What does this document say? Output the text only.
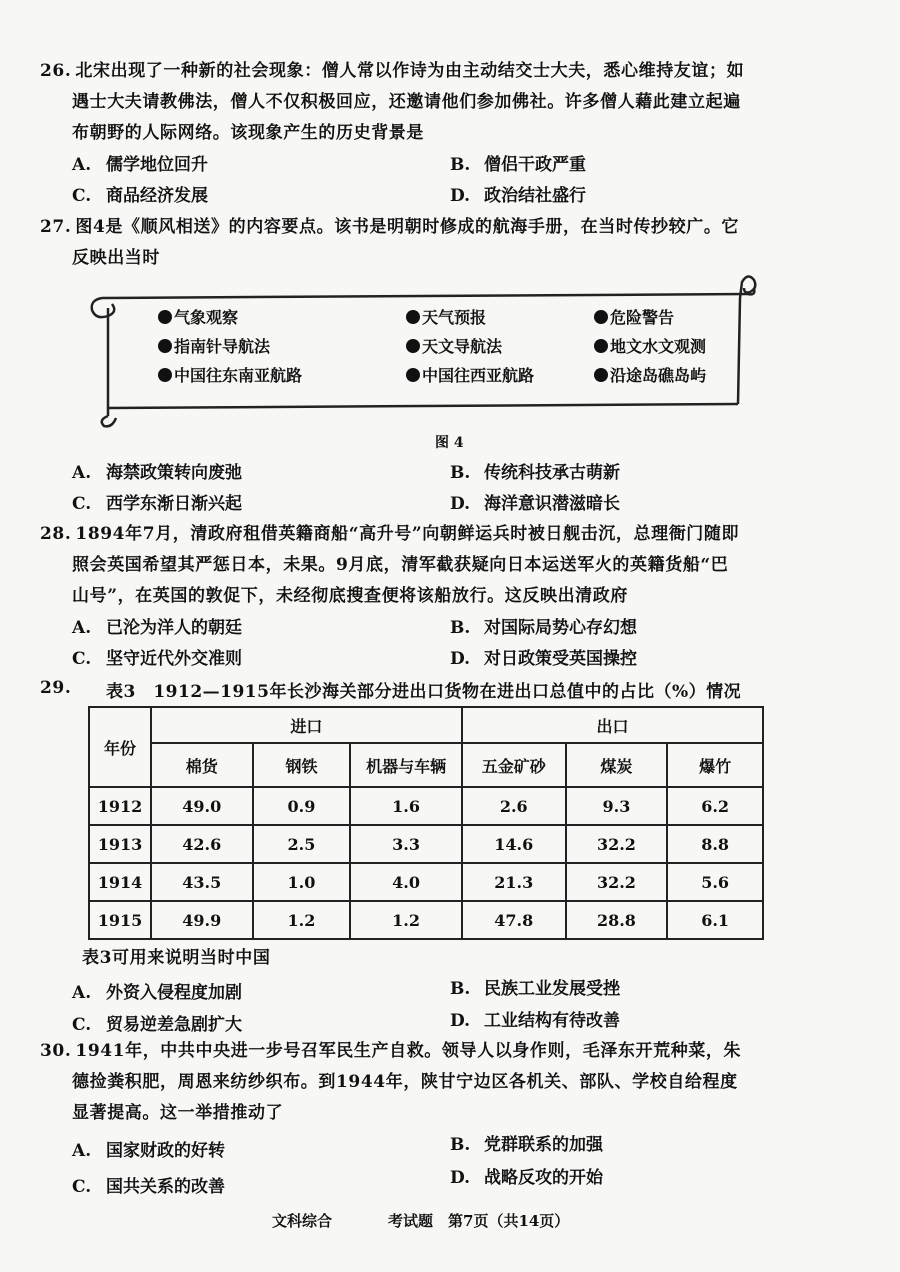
26. 北宋出现了一种新的社会现象：僧人常以作诗为由主动结交士大夫，悉心维持友谊；如
遇士大夫请教佛法，僧人不仅积极回应，还邀请他们参加佛社。许多僧人藉此建立起遍
布朝野的人际网络。该现象产生的历史背景是
A. 儒学地位回升	B. 僧侣干政严重
C. 商品经济发展	D. 政治结社盛行
27. 图4是《顺风相送》的内容要点。该书是明朝时修成的航海手册，在当时传抄较广。它
反映出当时
气象观察	天气预报	危险警告
指南针导航法	天文导航法	地文水文观测
中国往东南亚航路	中国往西亚航路	沿途岛礁岛屿
图 4
A. 海禁政策转向废弛	B. 传统科技承古萌新
C. 西学东渐日渐兴起	D. 海洋意识潜滋暗长
28. 1894年7月，清政府租借英籍商船“高升号”向朝鲜运兵时被日舰击沉，总理衙门随即
照会英国希望其严惩日本，未果。9月底，清军截获疑向日本运送军火的英籍货船“巴
山号”，在英国的敦促下，未经彻底搜查便将该船放行。这反映出清政府
A. 已沦为洋人的朝廷	B. 对国际局势心存幻想
C. 坚守近代外交准则	D. 对日政策受英国操控
29. 表3　1912—1915年长沙海关部分进出口货物在进出口总值中的占比（%）情况
年份	进口			出口		
	棉货	钢铁	机器与车辆	五金矿砂	煤炭	爆竹
1912	49.0	0.9	1.6	2.6	9.3	6.2
1913	42.6	2.5	3.3	14.6	32.2	8.8
1914	43.5	1.0	4.0	21.3	32.2	5.6
1915	49.9	1.2	1.2	47.8	28.8	6.1
表3可用来说明当时中国
A. 外资入侵程度加剧	B. 民族工业发展受挫
C. 贸易逆差急剧扩大	D. 工业结构有待改善
30. 1941年，中共中央进一步号召军民生产自救。领导人以身作则，毛泽东开荒种菜，朱
德捡粪积肥，周恩来纺纱织布。到1944年，陕甘宁边区各机关、部队、学校自给程度
显著提高。这一举措推动了
A. 国家财政的好转	B. 党群联系的加强
C. 国共关系的改善	D. 战略反攻的开始
文科综合	考试题　第7页（共14页）
